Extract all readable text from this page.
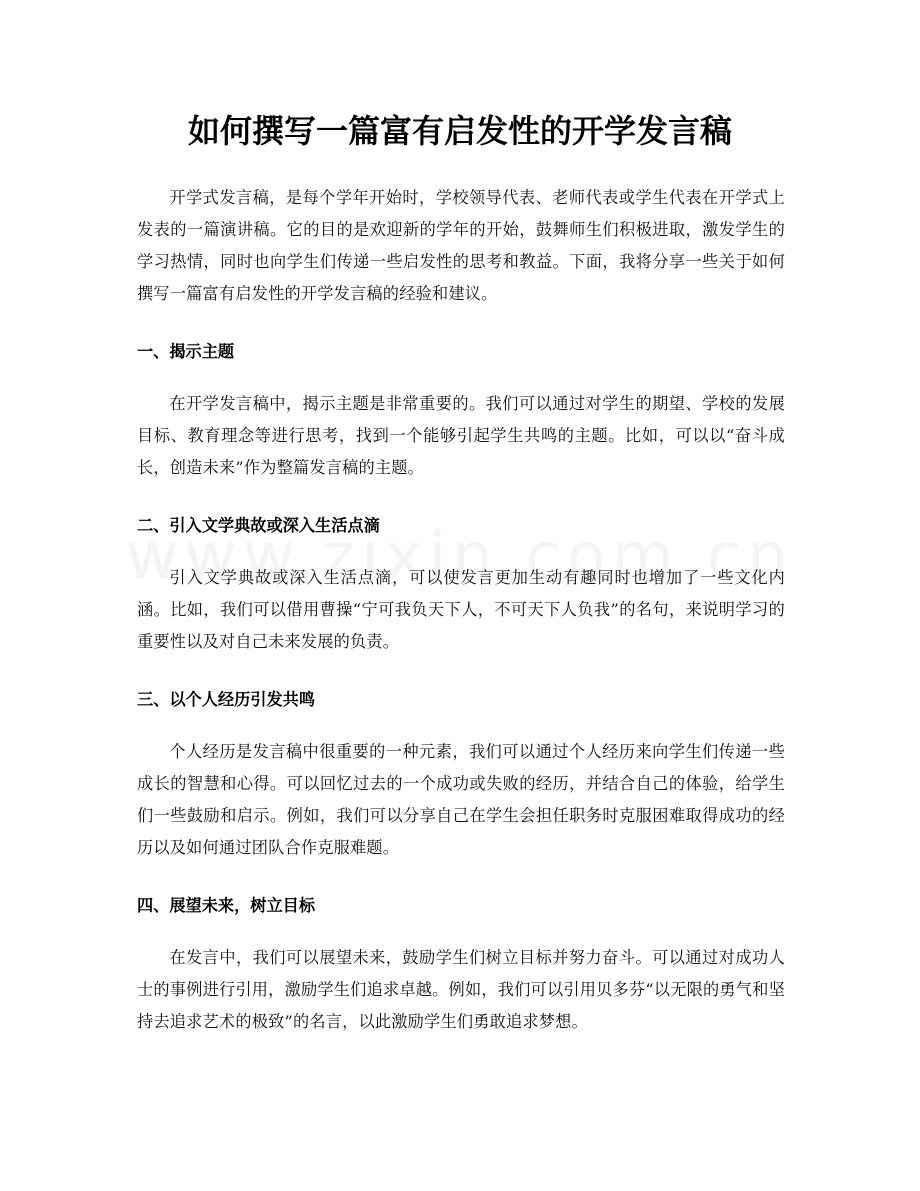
如何撰写一篇富有启发性的开学发言稿

开学式发言稿，是每个学年开始时，学校领导代表、老师代表或学生代表在开学式上发表的一篇演讲稿。它的目的是欢迎新的学年的开始，鼓舞师生们积极进取，激发学生的学习热情，同时也向学生们传递一些启发性的思考和教益。下面，我将分享一些关于如何撰写一篇富有启发性的开学发言稿的经验和建议。

一、揭示主题

在开学发言稿中，揭示主题是非常重要的。我们可以通过对学生的期望、学校的发展目标、教育理念等进行思考，找到一个能够引起学生共鸣的主题。比如，可以以“奋斗成长，创造未来”作为整篇发言稿的主题。

二、引入文学典故或深入生活点滴

引入文学典故或深入生活点滴，可以使发言更加生动有趣同时也增加了一些文化内涵。比如，我们可以借用曹操“宁可我负天下人，不可天下人负我”的名句，来说明学习的重要性以及对自己未来发展的负责。

三、以个人经历引发共鸣

个人经历是发言稿中很重要的一种元素，我们可以通过个人经历来向学生们传递一些成长的智慧和心得。可以回忆过去的一个成功或失败的经历，并结合自己的体验，给学生们一些鼓励和启示。例如，我们可以分享自己在学生会担任职务时克服困难取得成功的经历以及如何通过团队合作克服难题。

四、展望未来，树立目标

在发言中，我们可以展望未来，鼓励学生们树立目标并努力奋斗。可以通过对成功人士的事例进行引用，激励学生们追求卓越。例如，我们可以引用贝多芬“以无限的勇气和坚持去追求艺术的极致”的名言，以此激励学生们勇敢追求梦想。
